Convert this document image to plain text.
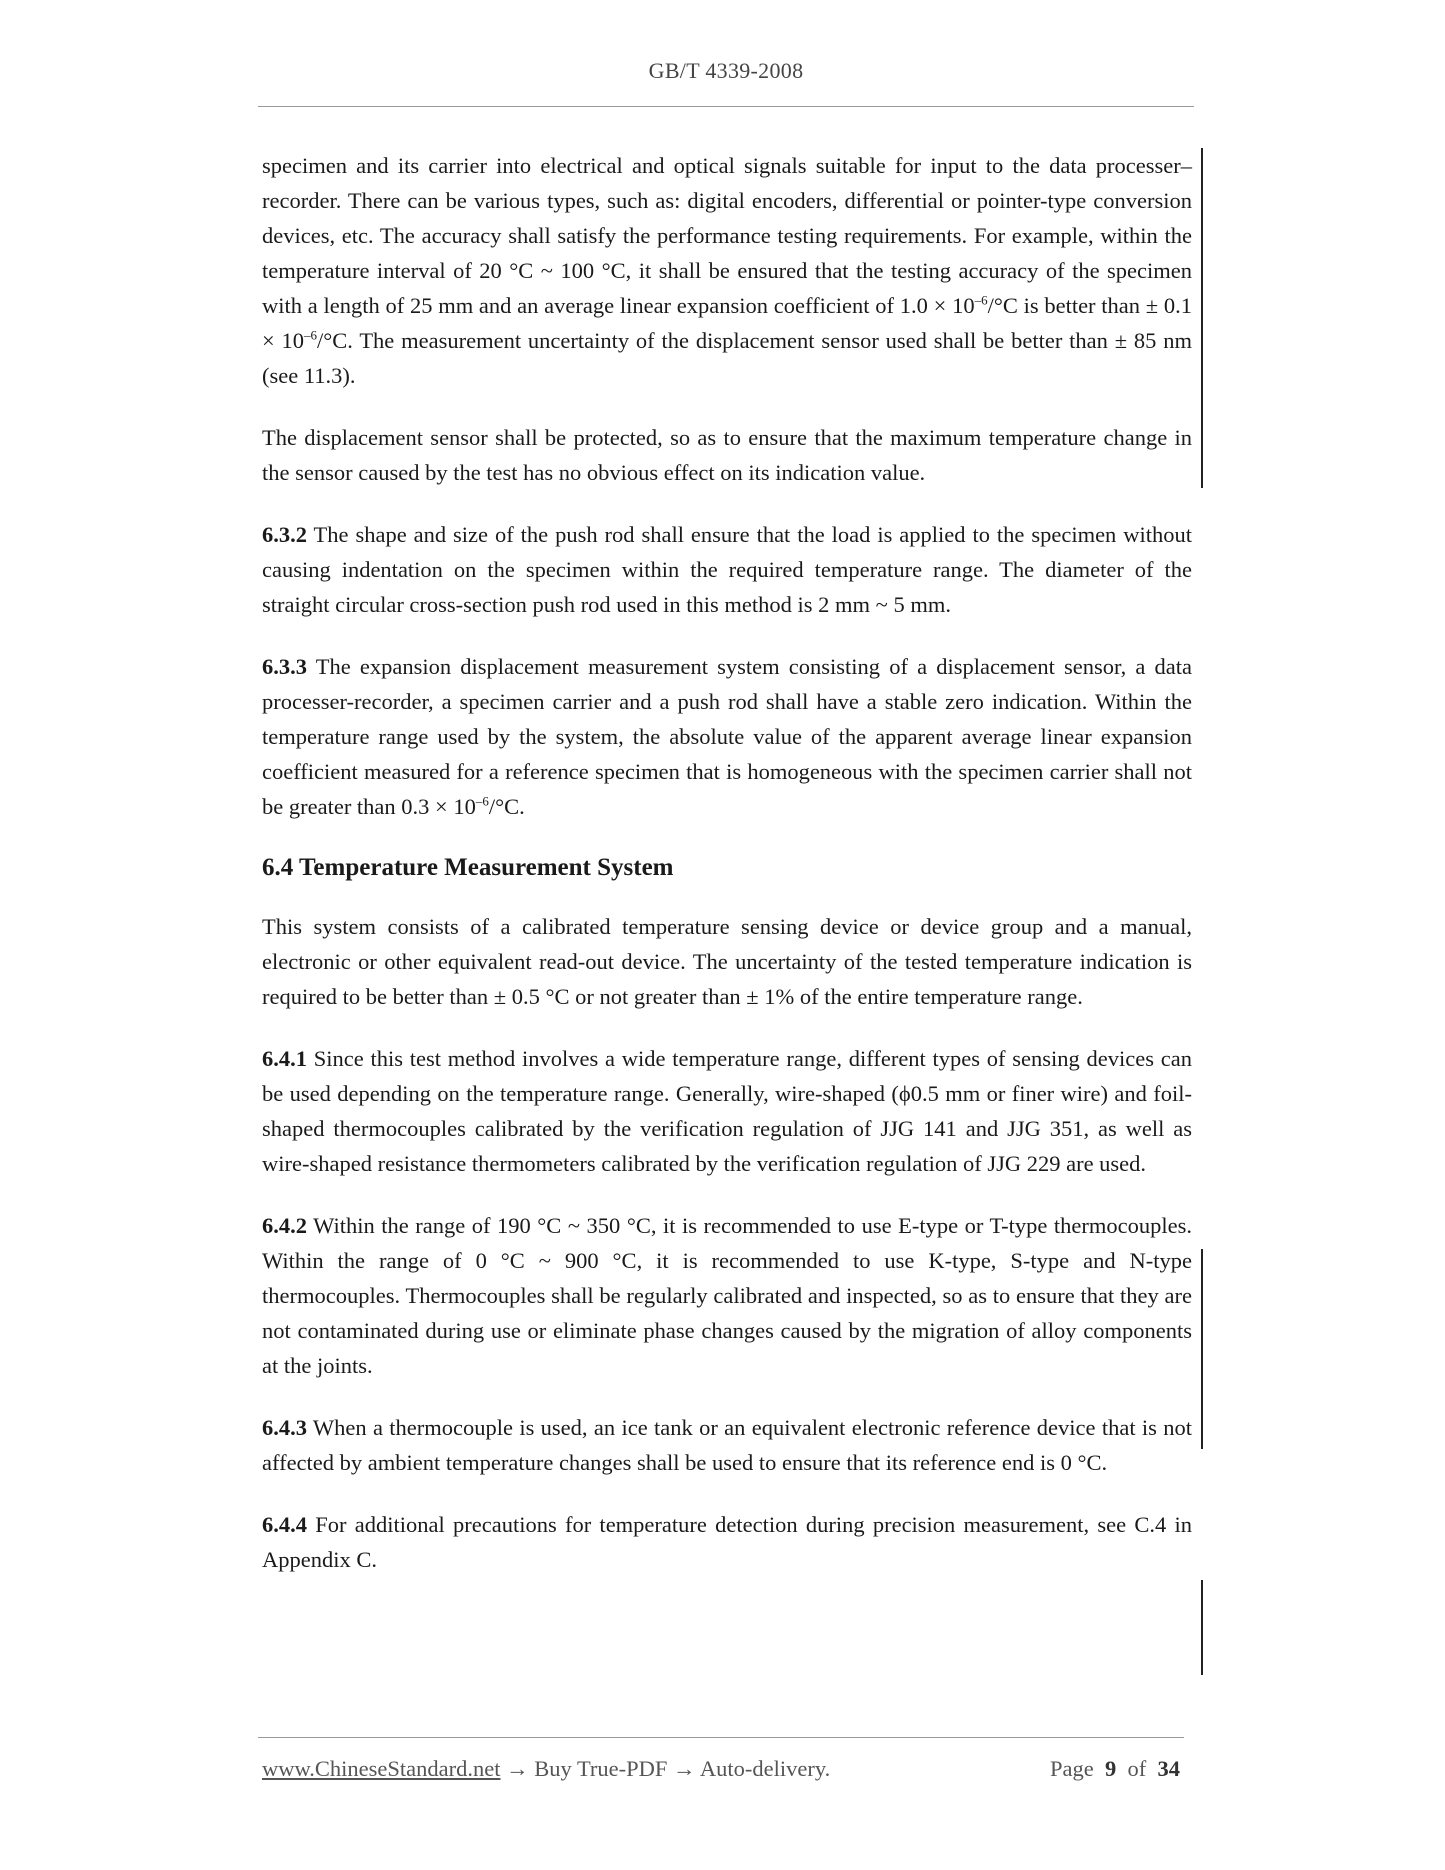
GB/T 4339-2008

specimen and its carrier into electrical and optical signals suitable for input to the data processer–recorder. There can be various types, such as: digital encoders, differential or pointer-type conversion devices, etc. The accuracy shall satisfy the performance testing requirements. For example, within the temperature interval of 20 °C ~ 100 °C, it shall be ensured that the testing accuracy of the specimen with a length of 25 mm and an average linear expansion coefficient of $1.0 \times 10^{-6}/^\circ C$ is better than ± $0.1 \times 10^{-6}/^\circ C$. The measurement uncertainty of the displacement sensor used shall be better than ± 85 nm (see 11.3).

The displacement sensor shall be protected, so as to ensure that the maximum temperature change in the sensor caused by the test has no obvious effect on its indication value.

6.3.2 The shape and size of the push rod shall ensure that the load is applied to the specimen without causing indentation on the specimen within the required temperature range. The diameter of the straight circular cross-section push rod used in this method is 2 mm ~ 5 mm.

6.3.3 The expansion displacement measurement system consisting of a displacement sensor, a data processer-recorder, a specimen carrier and a push rod shall have a stable zero indication. Within the temperature range used by the system, the absolute value of the apparent average linear expansion coefficient measured for a reference specimen that is homogeneous with the specimen carrier shall not be greater than $0.3 \times 10^{-6}/^\circ C$.

6.4 Temperature Measurement System

This system consists of a calibrated temperature sensing device or device group and a manual, electronic or other equivalent read-out device. The uncertainty of the tested temperature indication is required to be better than ± 0.5 °C or not greater than ± 1% of the entire temperature range.

6.4.1 Since this test method involves a wide temperature range, different types of sensing devices can be used depending on the temperature range. Generally, wire-shaped (ϕ0.5 mm or finer wire) and foil-shaped thermocouples calibrated by the verification regulation of JJG 141 and JJG 351, as well as wire-shaped resistance thermometers calibrated by the verification regulation of JJG 229 are used.

6.4.2 Within the range of 190 °C ~ 350 °C, it is recommended to use E-type or T-type thermocouples. Within the range of 0 °C ~ 900 °C, it is recommended to use K-type, S-type and N-type thermocouples. Thermocouples shall be regularly calibrated and inspected, so as to ensure that they are not contaminated during use or eliminate phase changes caused by the migration of alloy components at the joints.

6.4.3 When a thermocouple is used, an ice tank or an equivalent electronic reference device that is not affected by ambient temperature changes shall be used to ensure that its reference end is 0 °C.

6.4.4 For additional precautions for temperature detection during precision measurement, see C.4 in Appendix C.

www.ChineseStandard.net → Buy True-PDF → Auto-delivery.	Page 9 of 34
